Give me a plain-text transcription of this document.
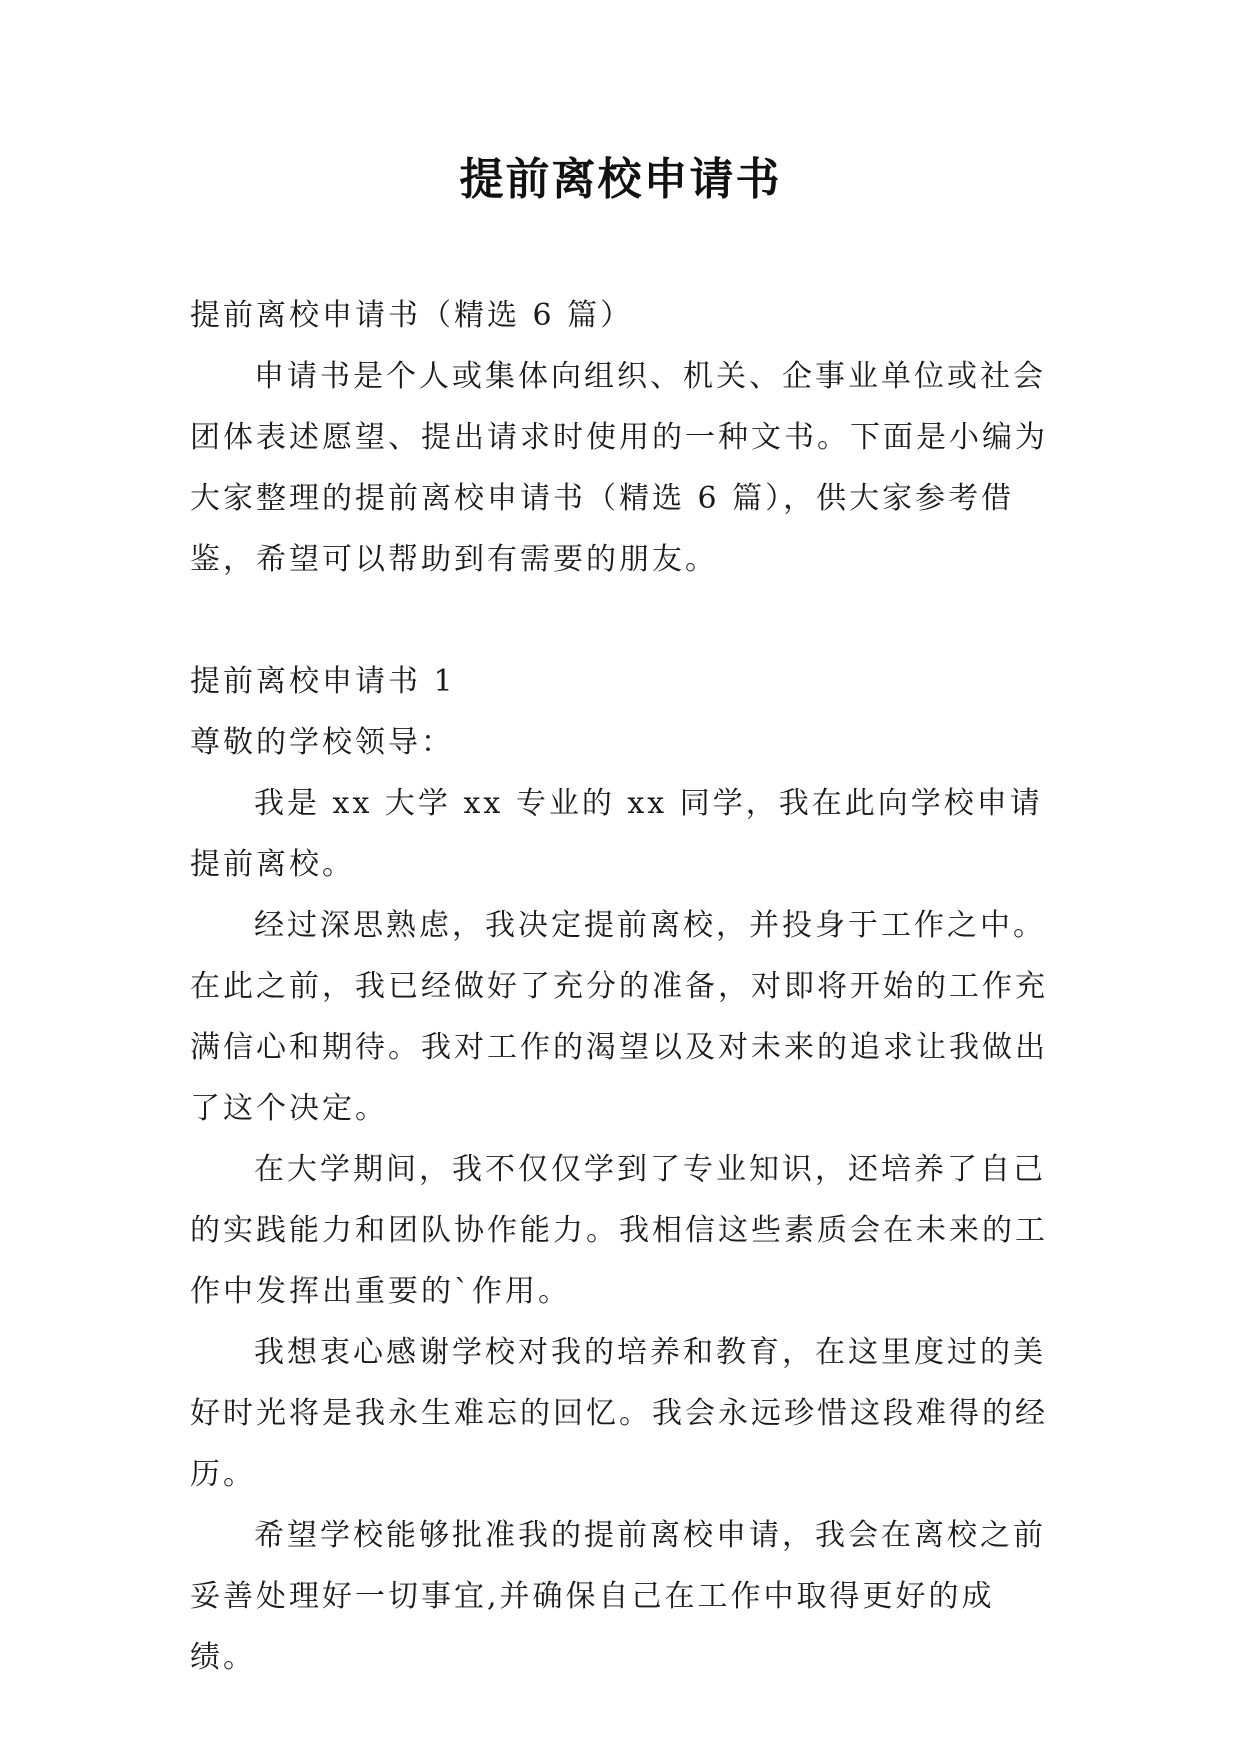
提前离校申请书

提前离校申请书（精选 6 篇）

申请书是个人或集体向组织、机关、企事业单位或社会团体表述愿望、提出请求时使用的一种文书。下面是小编为大家整理的提前离校申请书（精选 6 篇），供大家参考借鉴，希望可以帮助到有需要的朋友。

提前离校申请书 1

尊敬的学校领导：

我是 xx 大学 xx 专业的 xx 同学，我在此向学校申请提前离校。

经过深思熟虑，我决定提前离校，并投身于工作之中。在此之前，我已经做好了充分的准备，对即将开始的工作充满信心和期待。我对工作的渴望以及对未来的追求让我做出了这个决定。

在大学期间，我不仅仅学到了专业知识，还培养了自己的实践能力和团队协作能力。我相信这些素质会在未来的工作中发挥出重要的`作用。

我想衷心感谢学校对我的培养和教育，在这里度过的美好时光将是我永生难忘的回忆。我会永远珍惜这段难得的经历。

希望学校能够批准我的提前离校申请，我会在离校之前妥善处理好一切事宜,并确保自己在工作中取得更好的成绩。
